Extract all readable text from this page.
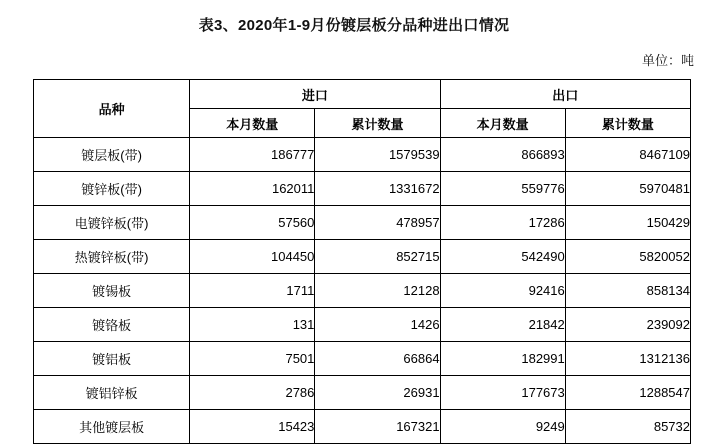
表3、2020年1-9月份镀层板分品种进出口情况
单位：吨
品种	进口		出口	
	本月数量	累计数量	本月数量	累计数量
镀层板(带)	186777	1579539	866893	8467109
镀锌板(带)	162011	1331672	559776	5970481
电镀锌板(带)	57560	478957	17286	150429
热镀锌板(带)	104450	852715	542490	5820052
镀锡板	1711	12128	92416	858134
镀铬板	131	1426	21842	239092
镀铝板	7501	66864	182991	1312136
镀铝锌板	2786	26931	177673	1288547
其他镀层板	15423	167321	9249	85732
